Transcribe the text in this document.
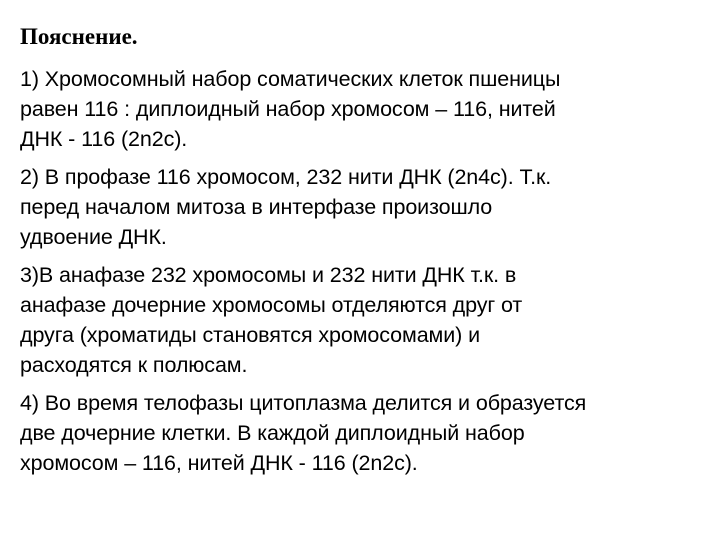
Пояснение.
1) Хромосомный набор соматических клеток пшеницы
равен 116 : диплоидный набор хромосом – 116, нитей
ДНК - 116 (2n2c).
2) В профазе 116 хромосом, 232 нити ДНК (2n4c). Т.к.
перед началом митоза в интерфазе произошло
удвоение ДНК.
3)В анафазе 232 хромосомы и 232 нити ДНК т.к. в
анафазе дочерние хромосомы отделяются друг от
друга (хроматиды становятся хромосомами) и
расходятся к полюсам.
4) Во время телофазы цитоплазма делится и образуется
две дочерние клетки. В каждой диплоидный набор
хромосом – 116, нитей ДНК - 116 (2n2c).
